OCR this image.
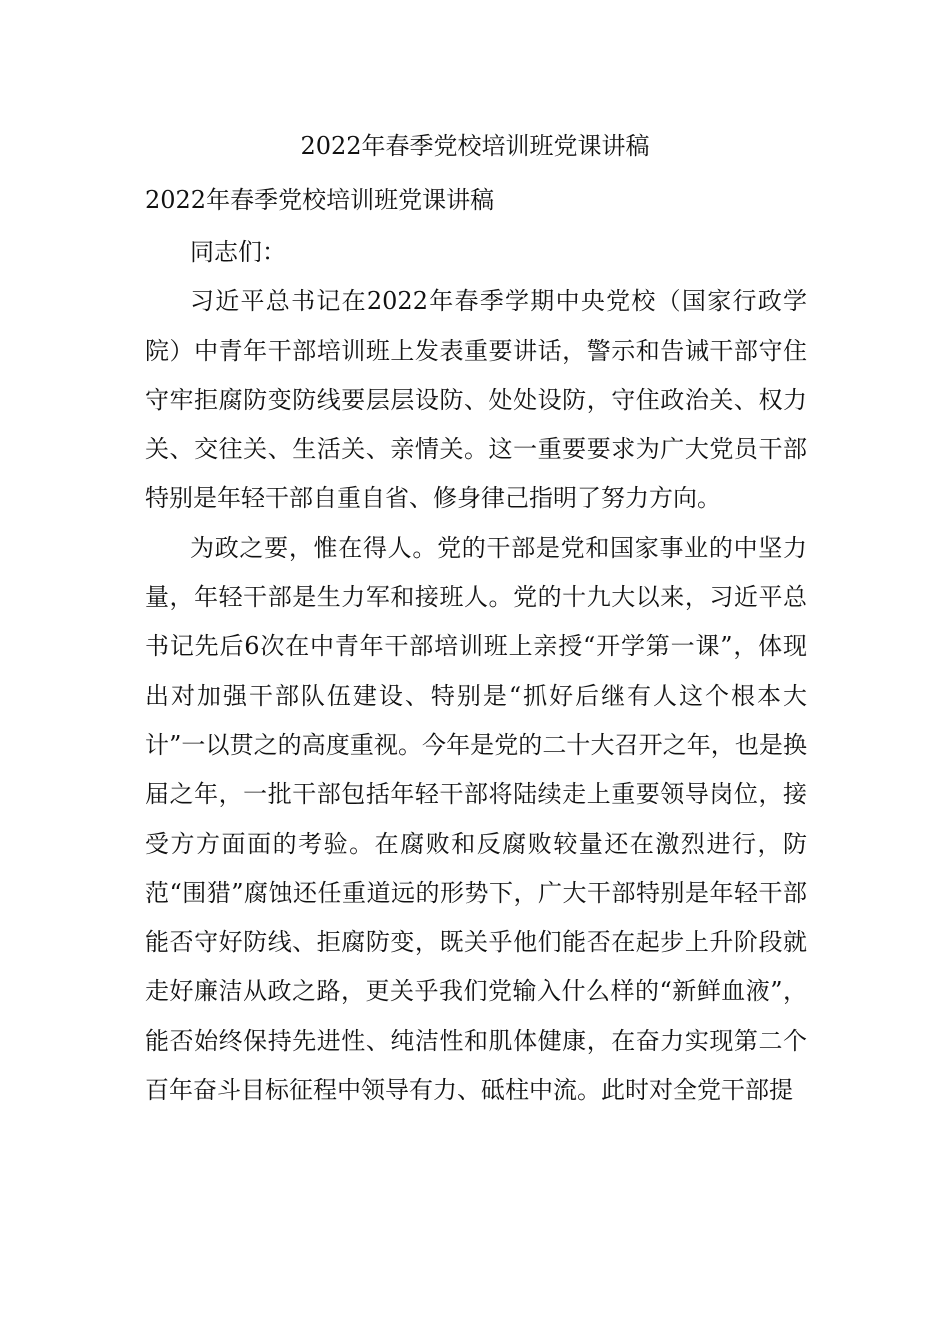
2022年春季党校培训班党课讲稿
2022年春季党校培训班党课讲稿

同志们：

习近平总书记在2022年春季学期中央党校（国家行政学院）中青年干部培训班上发表重要讲话，警示和告诫干部守住守牢拒腐防变防线要层层设防、处处设防，守住政治关、权力关、交往关、生活关、亲情关。这一重要要求为广大党员干部特别是年轻干部自重自省、修身律己指明了努力方向。

为政之要，惟在得人。党的干部是党和国家事业的中坚力量，年轻干部是生力军和接班人。党的十九大以来，习近平总书记先后6次在中青年干部培训班上亲授“开学第一课”，体现出对加强干部队伍建设、特别是“抓好后继有人这个根本大计”一以贯之的高度重视。今年是党的二十大召开之年，也是换届之年，一批干部包括年轻干部将陆续走上重要领导岗位，接受方方面面的考验。在腐败和反腐败较量还在激烈进行，防范“围猎”腐蚀还任重道远的形势下，广大干部特别是年轻干部能否守好防线、拒腐防变，既关乎他们能否在起步上升阶段就走好廉洁从政之路，更关乎我们党输入什么样的“新鲜血液”，能否始终保持先进性、纯洁性和肌体健康，在奋力实现第二个百年奋斗目标征程中领导有力、砥柱中流。此时对全党干部提
